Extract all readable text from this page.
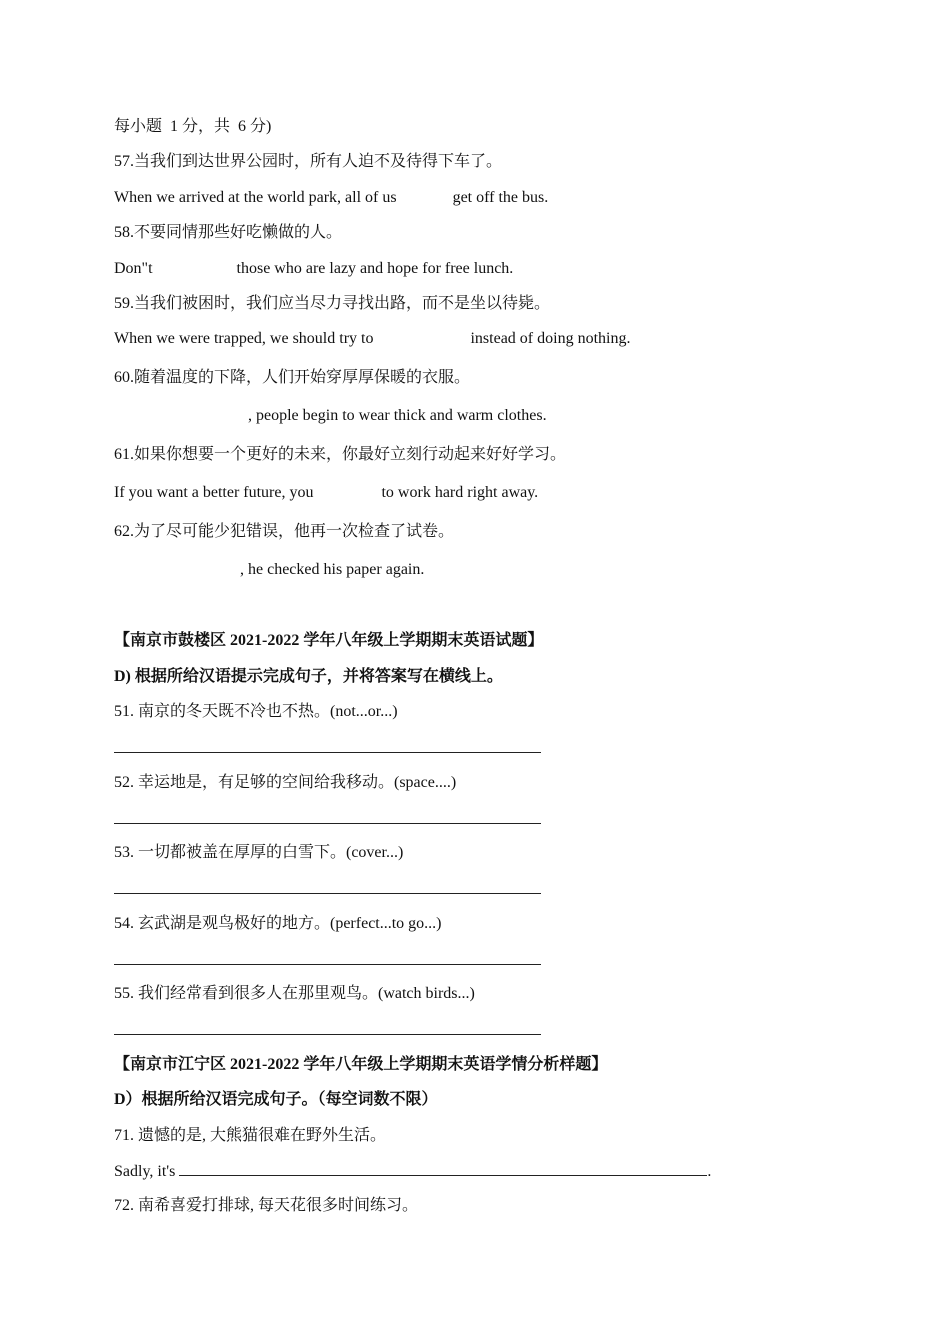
每小题  1 分，共  6 分)
57.当我们到达世界公园时，所有人迫不及待得下车了。
When we arrived at the world park, all of us	get off the bus.
58.不要同情那些好吃懒做的人。
Don"t	those who are lazy and hope for free lunch.
59.当我们被困时，我们应当尽力寻找出路，而不是坐以待毙。
When we were trapped, we should try to	instead of doing nothing.
60.随着温度的下降，人们开始穿厚厚保暖的衣服。
, people begin to wear thick and warm clothes.
61.如果你想要一个更好的未来，你最好立刻行动起来好好学习。
If you want a better future, you	to work hard right away.
62.为了尽可能少犯错误，他再一次检查了试卷。
, he checked his paper again.
【南京市鼓楼区 2021-2022 学年八年级上学期期末英语试题】
D) 根据所给汉语提示完成句子，并将答案写在横线上。
51. 南京的冬天既不冷也不热。(not...or...)
52. 幸运地是，有足够的空间给我移动。(space....)
53. 一切都被盖在厚厚的白雪下。(cover...)
54. 玄武湖是观鸟极好的地方。(perfect...to go...)
55. 我们经常看到很多人在那里观鸟。(watch birds...)
【南京市江宁区 2021-2022 学年八年级上学期期末英语学情分析样题】
D）根据所给汉语完成句子。（每空词数不限）
71. 遗憾的是, 大熊猫很难在野外生活。
Sadly, it's	.
72. 南希喜爱打排球, 每天花很多时间练习。
